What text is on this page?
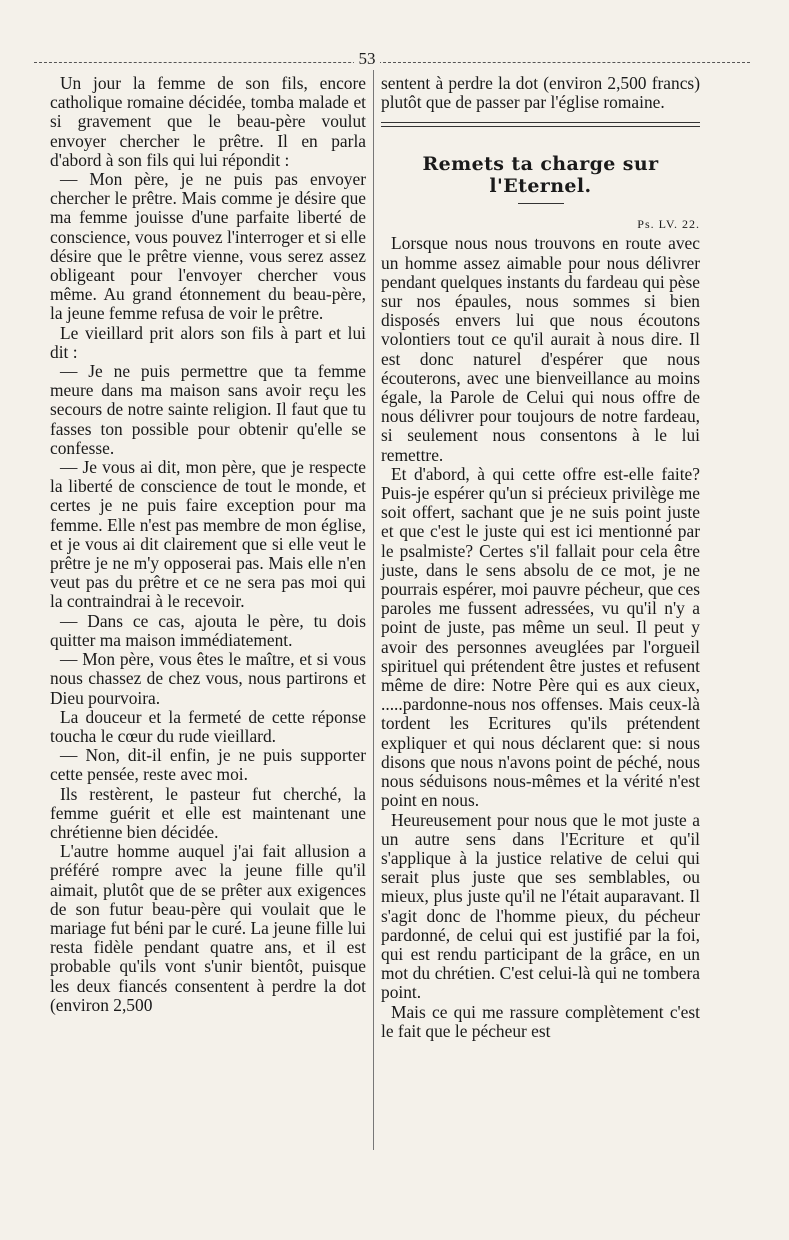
53

Un jour la femme de son fils, encore catholique romaine décidée, tomba malade et si gravement que le beau-père voulut envoyer chercher le prêtre. Il en parla d'abord à son fils qui lui répondit :

— Mon père, je ne puis pas envoyer chercher le prêtre. Mais comme je désire que ma femme jouisse d'une parfaite liberté de conscience, vous pouvez l'interroger et si elle désire que le prêtre vienne, vous serez assez obligeant pour l'envoyer chercher vous même. Au grand étonnement du beau-père, la jeune femme refusa de voir le prêtre.

Le vieillard prit alors son fils à part et lui dit :

— Je ne puis permettre que ta femme meure dans ma maison sans avoir reçu les secours de notre sainte religion. Il faut que tu fasses ton possible pour obtenir qu'elle se confesse.

— Je vous ai dit, mon père, que je respecte la liberté de conscience de tout le monde, et certes je ne puis faire exception pour ma femme. Elle n'est pas membre de mon église, et je vous ai dit clairement que si elle veut le prêtre je ne m'y opposerai pas. Mais elle n'en veut pas du prêtre et ce ne sera pas moi qui la contraindrai à le recevoir.

— Dans ce cas, ajouta le père, tu dois quitter ma maison immédiatement.

— Mon père, vous êtes le maître, et si vous nous chassez de chez vous, nous partirons et Dieu pourvoira.

La douceur et la fermeté de cette réponse toucha le cœur du rude vieillard.

— Non, dit-il enfin, je ne puis supporter cette pensée, reste avec moi.

Ils restèrent, le pasteur fut cherché, la femme guérit et elle est maintenant une chrétienne bien décidée.

L'autre homme auquel j'ai fait allusion a préféré rompre avec la jeune fille qu'il aimait, plutôt que de se prêter aux exigences de son futur beau-père qui voulait que le mariage fut béni par le curé. La jeune fille lui resta fidèle pendant quatre ans, et il est probable qu'ils vont s'unir bientôt, puisque les deux fiancés consentent à perdre la dot (environ 2,500

sentent à perdre la dot (environ 2,500 francs) plutôt que de passer par l'église romaine.

Remets ta charge sur l'Eternel.
Ps. LV. 22.

Lorsque nous nous trouvons en route avec un homme assez aimable pour nous délivrer pendant quelques instants du fardeau qui pèse sur nos épaules, nous sommes si bien disposés envers lui que nous écoutons volontiers tout ce qu'il aurait à nous dire. Il est donc naturel d'espérer que nous écouterons, avec une bienveillance au moins égale, la Parole de Celui qui nous offre de nous délivrer pour toujours de notre fardeau, si seulement nous consentons à le lui remettre.

Et d'abord, à qui cette offre est-elle faite? Puis-je espérer qu'un si précieux privilège me soit offert, sachant que je ne suis point juste et que c'est le juste qui est ici mentionné par le psalmiste? Certes s'il fallait pour cela être juste, dans le sens absolu de ce mot, je ne pourrais espérer, moi pauvre pécheur, que ces paroles me fussent adressées, vu qu'il n'y a point de juste, pas même un seul. Il peut y avoir des personnes aveuglées par l'orgueil spirituel qui prétendent être justes et refusent même de dire: Notre Père qui es aux cieux, .....pardonne-nous nos offenses. Mais ceux-là tordent les Ecritures qu'ils prétendent expliquer et qui nous déclarent que: si nous disons que nous n'avons point de péché, nous nous séduisons nous-mêmes et la vérité n'est point en nous.

Heureusement pour nous que le mot juste a un autre sens dans l'Ecriture et qu'il s'applique à la justice relative de celui qui serait plus juste que ses semblables, ou mieux, plus juste qu'il ne l'était auparavant. Il s'agit donc de l'homme pieux, du pécheur pardonné, de celui qui est justifié par la foi, qui est rendu participant de la grâce, en un mot du chrétien. C'est celui-là qui ne tombera point.

Mais ce qui me rassure complètement c'est le fait que le pécheur est
